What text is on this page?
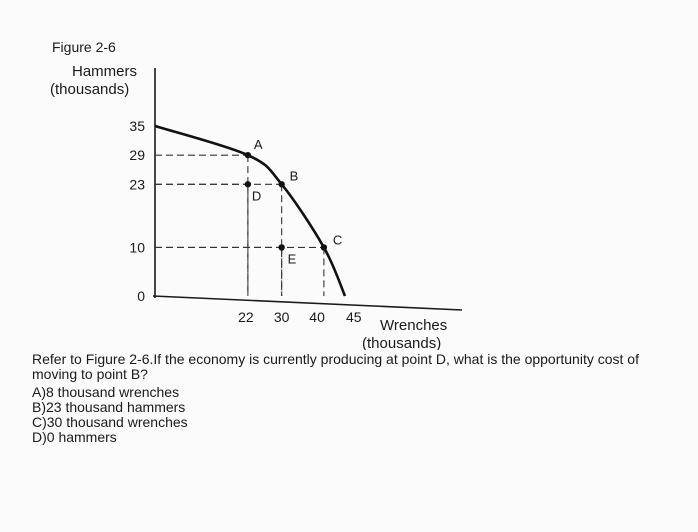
Figure 2-6
Hammers
(thousands)
Wrenches
(thousands)
A
B
C
D
E
35
29
23
10
0
22 30 40 45

Refer to Figure 2-6.If the economy is currently producing at point D, what is the opportunity cost of moving to point B?

A)8 thousand wrenches
B)23 thousand hammers
C)30 thousand wrenches
D)0 hammers
